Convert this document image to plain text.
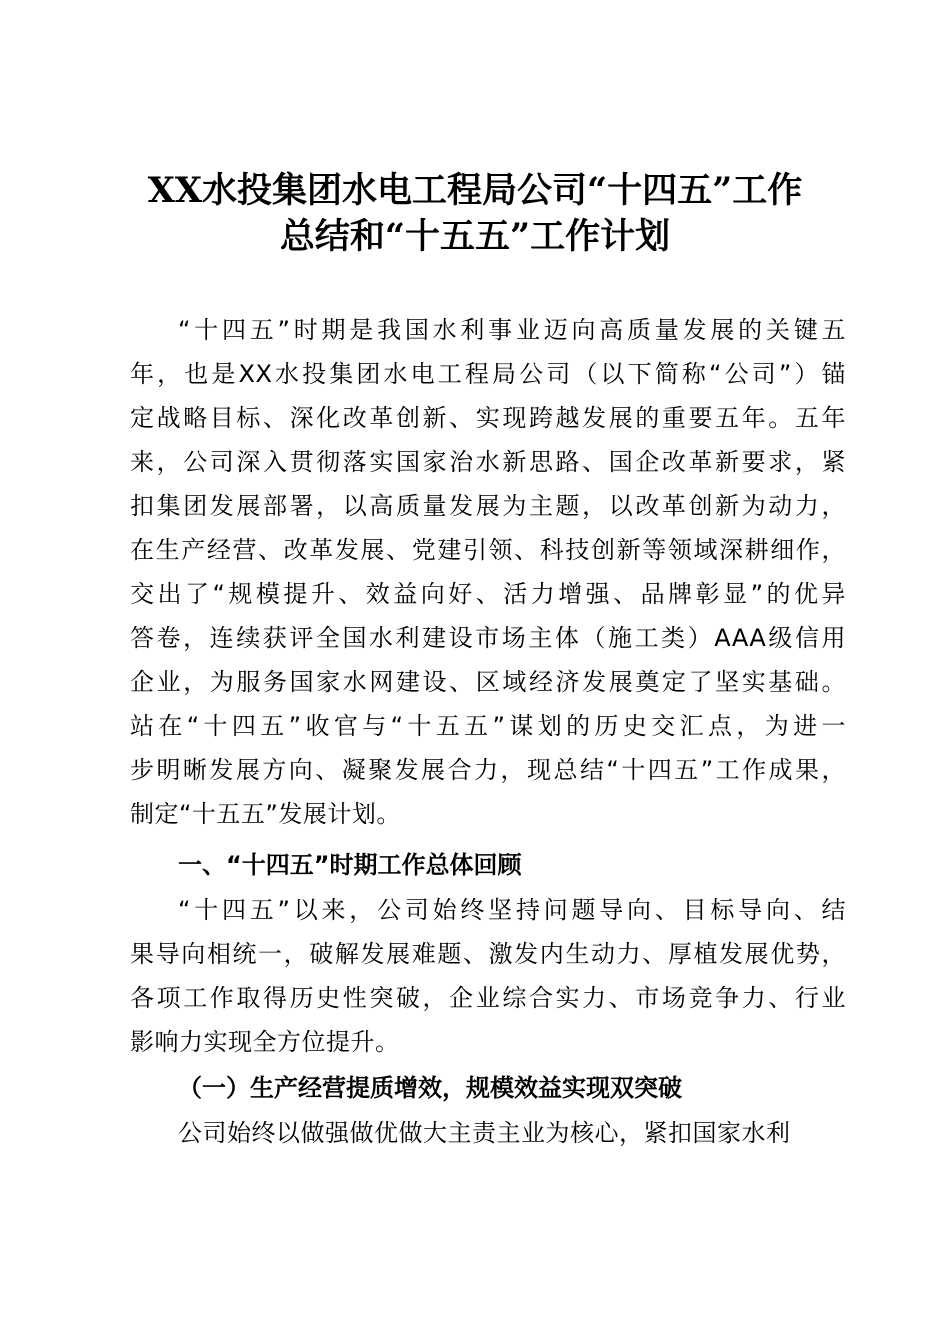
XX水投集团水电工程局公司“十四五”工作
总结和“十五五”工作计划
“十四五”时期是我国水利事业迈向高质量发展的关键五
年，也是XX水投集团水电工程局公司（以下简称“公司”）锚
定战略目标、深化改革创新、实现跨越发展的重要五年。五年
来，公司深入贯彻落实国家治水新思路、国企改革新要求，紧
扣集团发展部署，以高质量发展为主题，以改革创新为动力，
在生产经营、改革发展、党建引领、科技创新等领域深耕细作，
交出了“规模提升、效益向好、活力增强、品牌彰显”的优异
答卷，连续获评全国水利建设市场主体（施工类）AAA级信用
企业，为服务国家水网建设、区域经济发展奠定了坚实基础。
站在“十四五”收官与“十五五”谋划的历史交汇点，为进一
步明晰发展方向、凝聚发展合力，现总结“十四五”工作成果，
制定“十五五”发展计划。
一、“十四五”时期工作总体回顾
“十四五”以来，公司始终坚持问题导向、目标导向、结
果导向相统一，破解发展难题、激发内生动力、厚植发展优势，
各项工作取得历史性突破，企业综合实力、市场竞争力、行业
影响力实现全方位提升。
（一）生产经营提质增效，规模效益实现双突破
公司始终以做强做优做大主责主业为核心，紧扣国家水利
